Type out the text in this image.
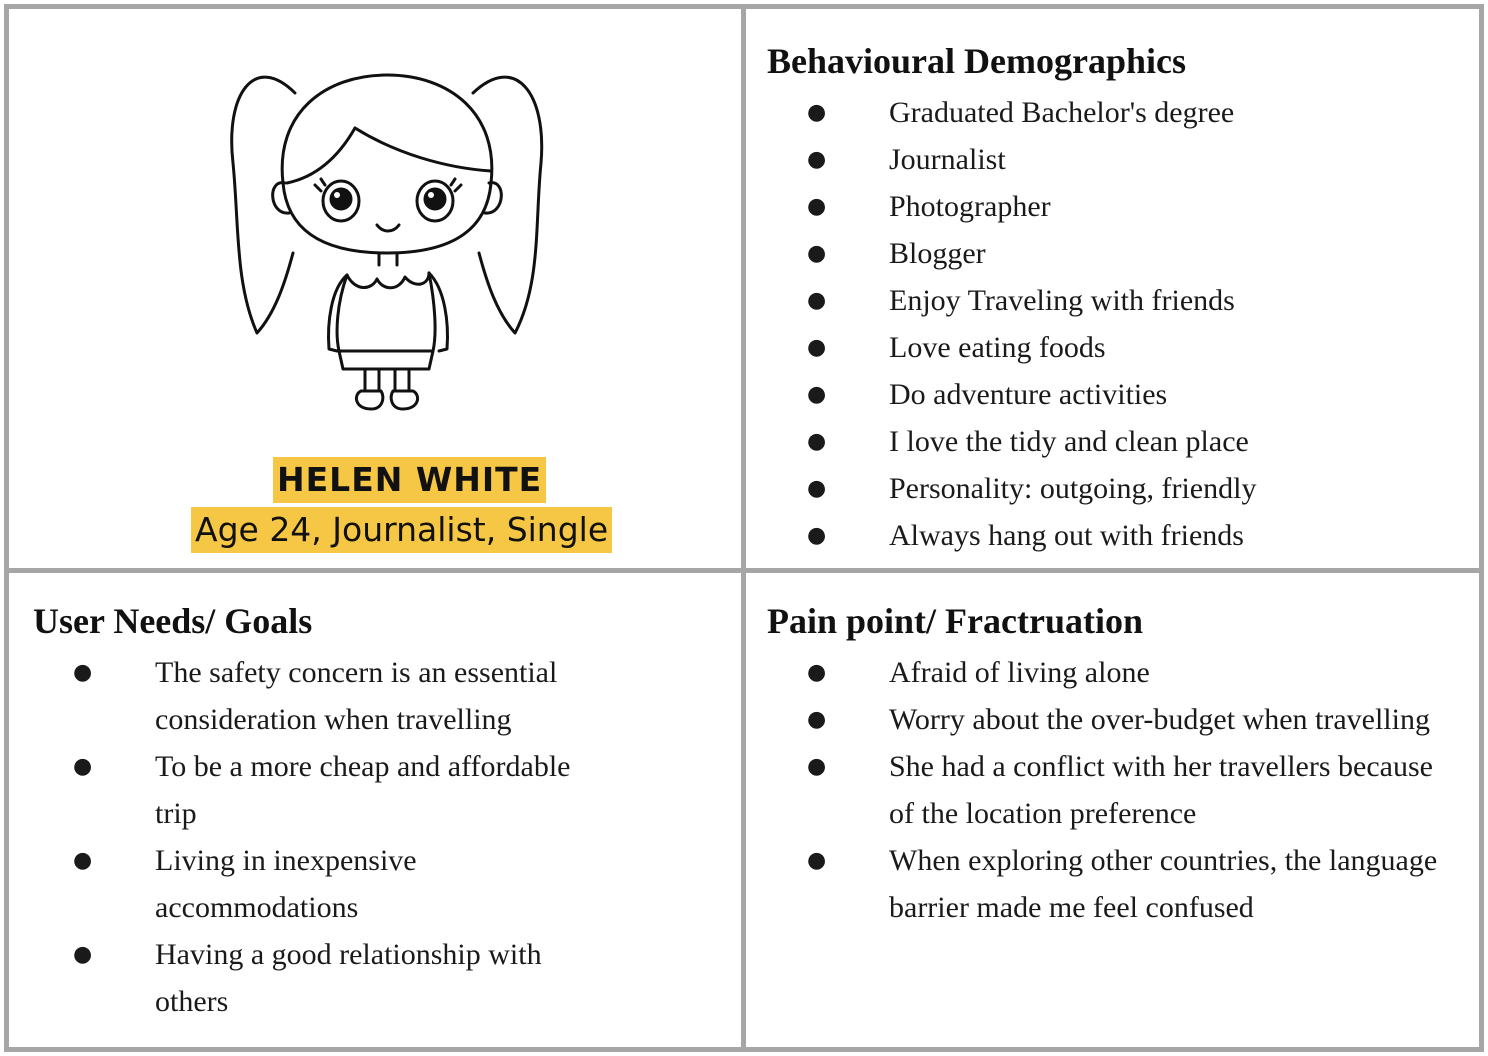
HELEN WHITE
Age 24, Journalist, Single
Behavioural Demographics
● Graduated Bachelor's degree
● Journalist
● Photographer
● Blogger
● Enjoy Traveling with friends
● Love eating foods
● Do adventure activities
● I love the tidy and clean place
● Personality: outgoing, friendly
● Always hang out with friends
User Needs/ Goals
● The safety concern is an essential consideration when travelling
● To be a more cheap and affordable trip
● Living in inexpensive accommodations
● Having a good relationship with others
Pain point/ Fractruation
● Afraid of living alone
● Worry about the over-budget when travelling
● She had a conflict with her travellers because of the location preference
● When exploring other countries, the language barrier made me feel confused
